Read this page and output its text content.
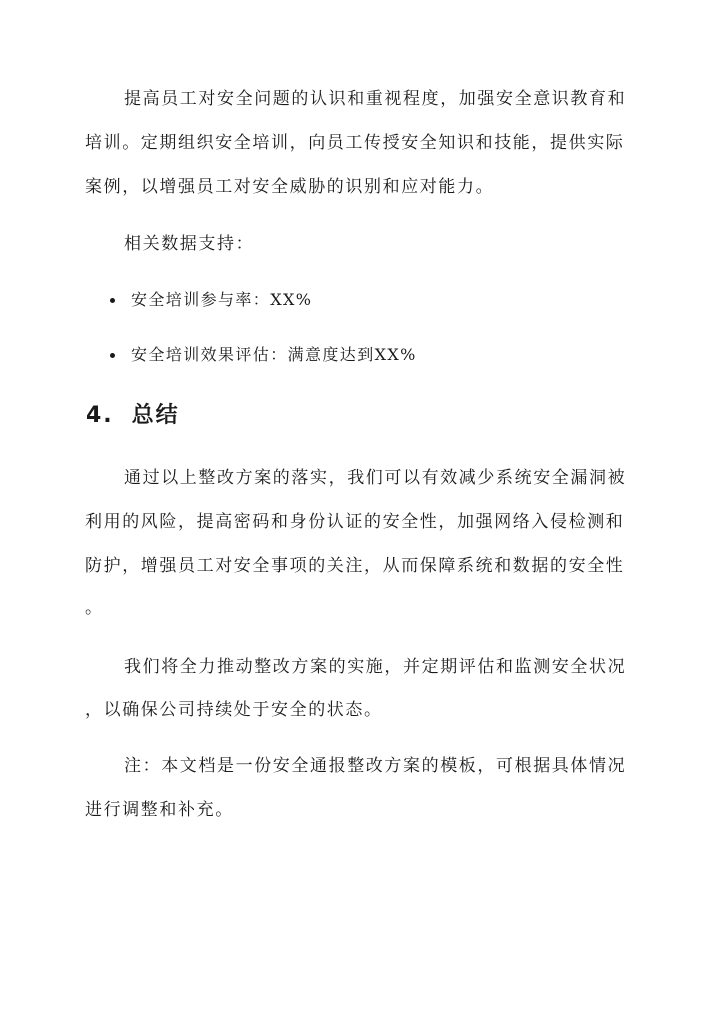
提高员工对安全问题的认识和重视程度，加强安全意识教育和
培训。定期组织安全培训，向员工传授安全知识和技能，提供实际
案例，以增强员工对安全威胁的识别和应对能力。
相关数据支持：
安全培训参与率：XX%
安全培训效果评估：满意度达到XX%
4. 总结
通过以上整改方案的落实，我们可以有效减少系统安全漏洞被
利用的风险，提高密码和身份认证的安全性，加强网络入侵检测和
防护，增强员工对安全事项的关注，从而保障系统和数据的安全性
。
我们将全力推动整改方案的实施，并定期评估和监测安全状况
，以确保公司持续处于安全的状态。
注：本文档是一份安全通报整改方案的模板，可根据具体情况
进行调整和补充。
